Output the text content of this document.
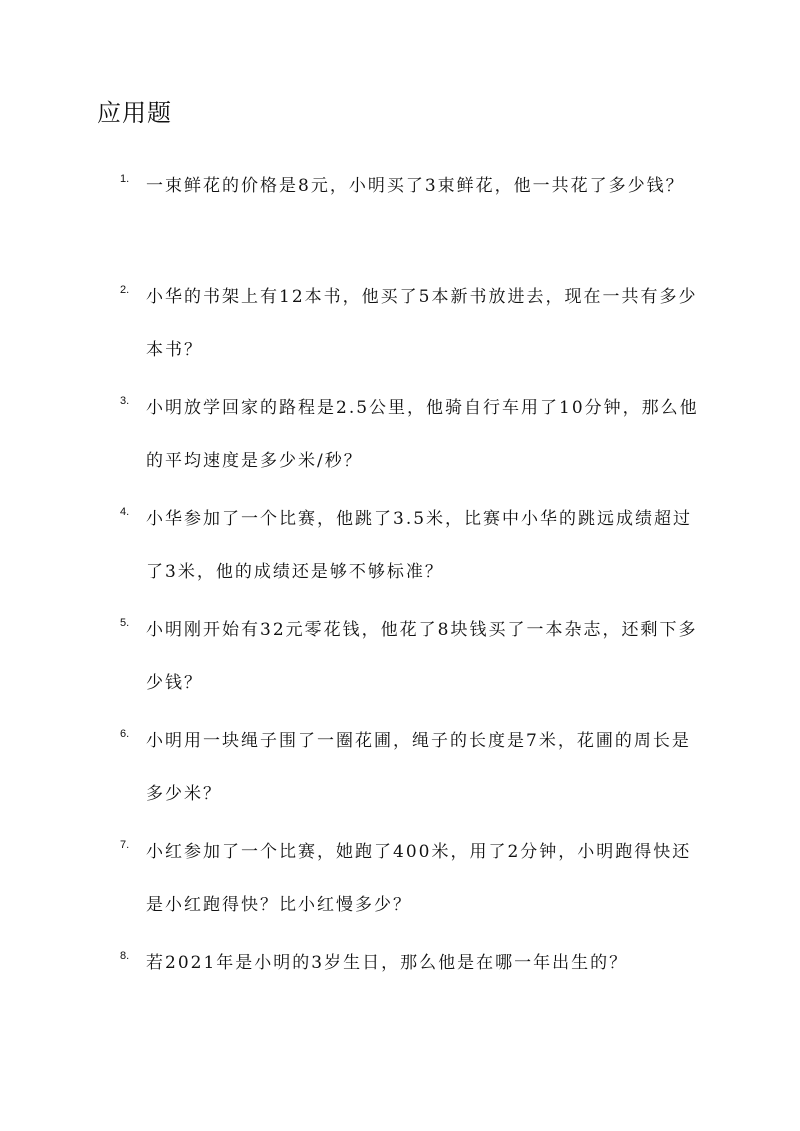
应用题
1. 一束鲜花的价格是8元，小明买了3束鲜花，他一共花了多少钱？
2. 小华的书架上有12本书，他买了5本新书放进去，现在一共有多少本书？
3. 小明放学回家的路程是2.5公里，他骑自行车用了10分钟，那么他的平均速度是多少米/秒？
4. 小华参加了一个比赛，他跳了3.5米，比赛中小华的跳远成绩超过了3米，他的成绩还是够不够标准？
5. 小明刚开始有32元零花钱，他花了8块钱买了一本杂志，还剩下多少钱？
6. 小明用一块绳子围了一圈花圃，绳子的长度是7米，花圃的周长是多少米？
7. 小红参加了一个比赛，她跑了400米，用了2分钟，小明跑得快还是小红跑得快？比小红慢多少？
8. 若2021年是小明的3岁生日，那么他是在哪一年出生的？
